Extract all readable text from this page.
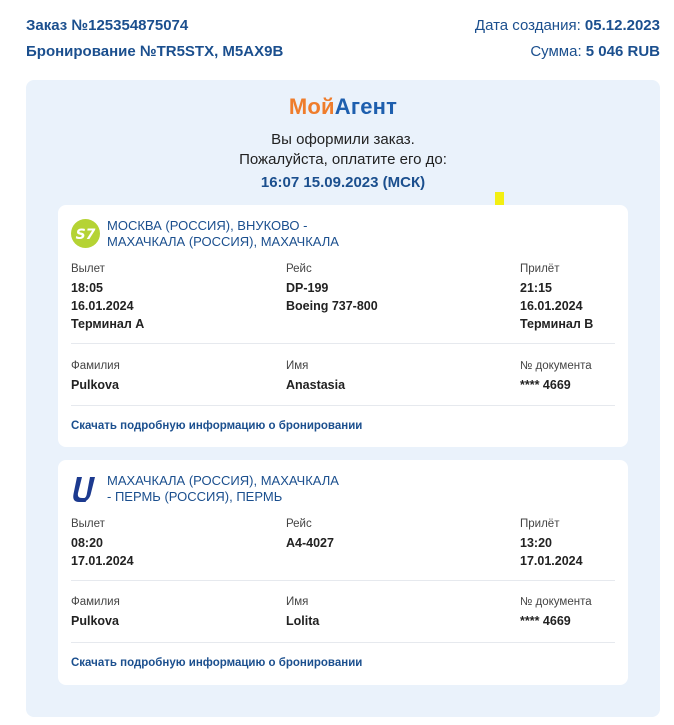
Заказ №125354875074	Дата создания: 05.12.2023
Бронирование №TR5STX, M5AX9B	Сумма: 5 046 RUB
МойАгент
Вы оформили заказ.
Пожалуйста, оплатите его до:
16:07 15.09.2023 (МСК)
S7
МОСКВА (РОССИЯ), ВНУКОВО -
МАХАЧКАЛА (РОССИЯ), МАХАЧКАЛА
Вылет
18:05
16.01.2024
Терминал A
Рейс
DP-199
Boeing 737-800
Прилёт
21:15
16.01.2024
Терминал B
Фамилия
Pulkova
Имя
Anastasia
№ документа
**** 4669
Скачать подробную информацию о бронировании
МАХАЧКАЛА (РОССИЯ), МАХАЧКАЛА
- ПЕРМЬ (РОССИЯ), ПЕРМЬ
Вылет
08:20
17.01.2024
Рейс
A4-4027
Прилёт
13:20
17.01.2024
Фамилия
Pulkova
Имя
Lolita
№ документа
**** 4669
Скачать подробную информацию о бронировании
